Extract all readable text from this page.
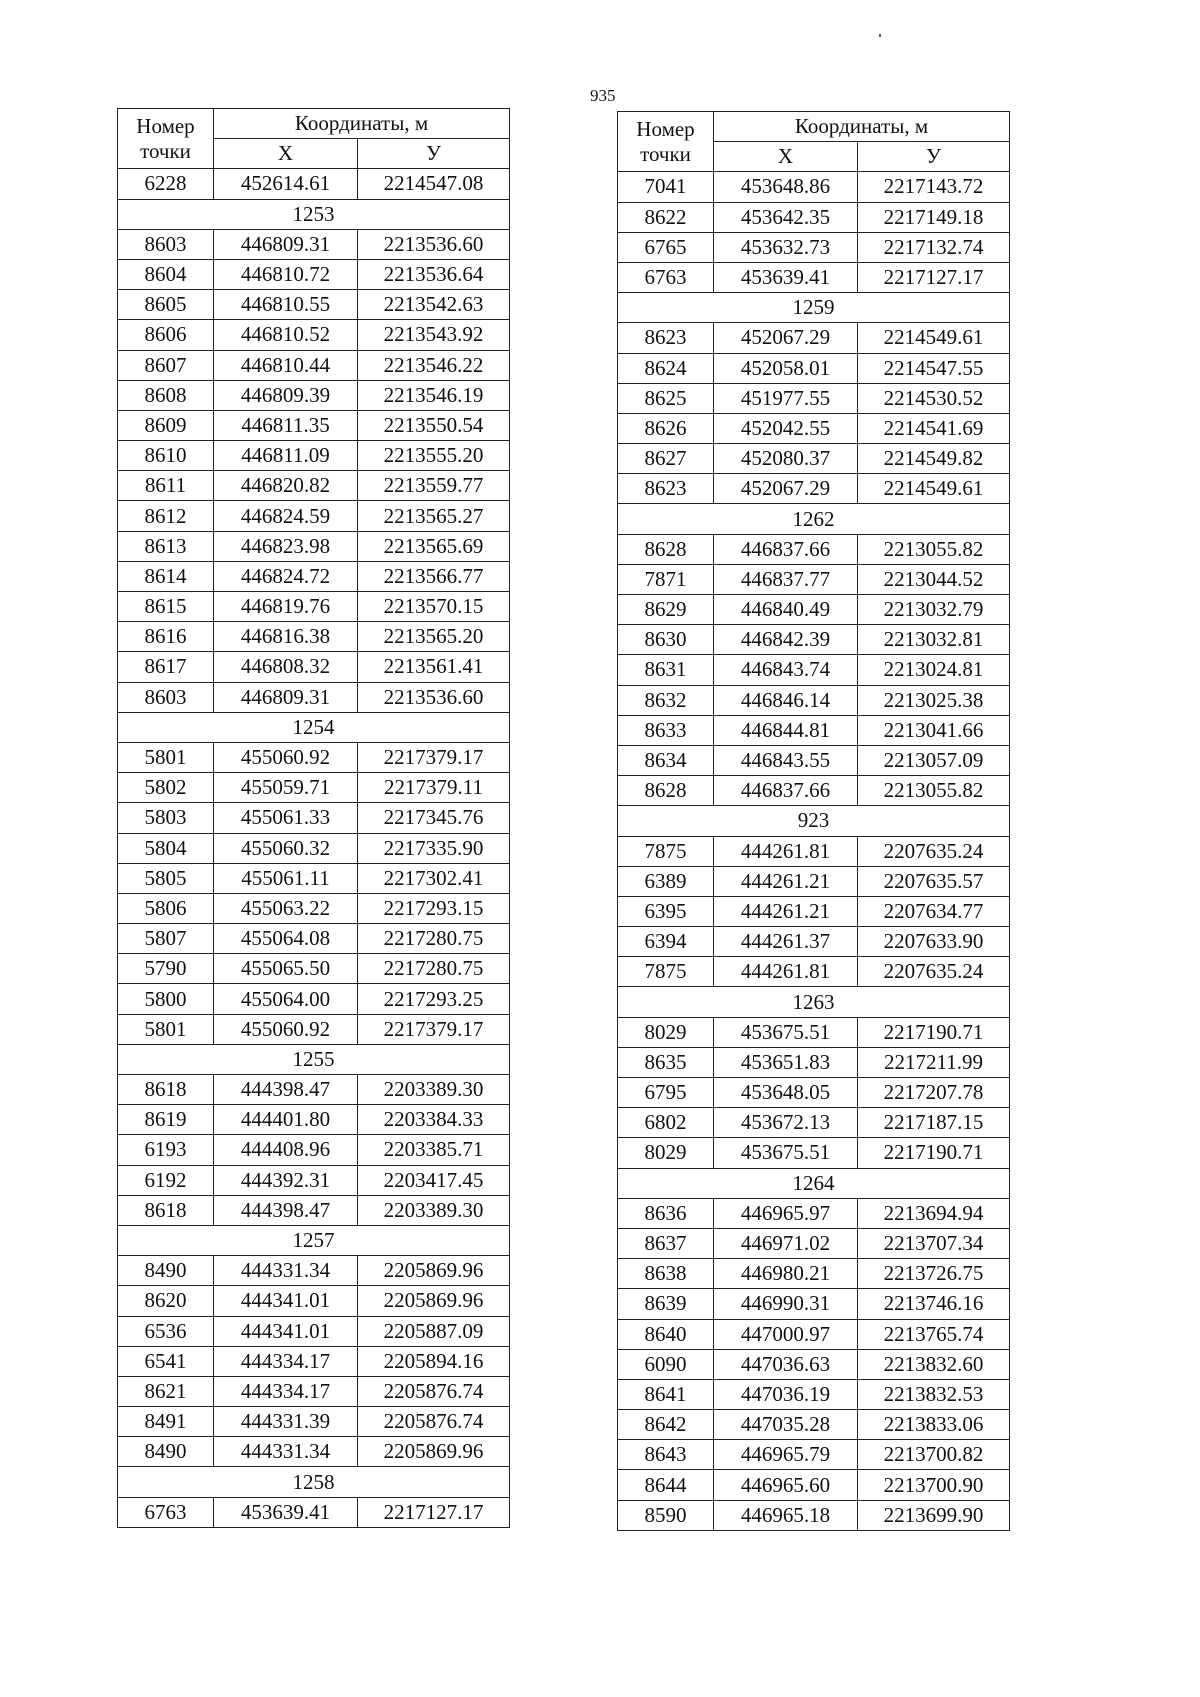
935
Номер точки	Координаты, м	
	Х	У
6228	452614.61	2214547.08
1253		
8603	446809.31	2213536.60
8604	446810.72	2213536.64
8605	446810.55	2213542.63
8606	446810.52	2213543.92
8607	446810.44	2213546.22
8608	446809.39	2213546.19
8609	446811.35	2213550.54
8610	446811.09	2213555.20
8611	446820.82	2213559.77
8612	446824.59	2213565.27
8613	446823.98	2213565.69
8614	446824.72	2213566.77
8615	446819.76	2213570.15
8616	446816.38	2213565.20
8617	446808.32	2213561.41
8603	446809.31	2213536.60
1254		
5801	455060.92	2217379.17
5802	455059.71	2217379.11
5803	455061.33	2217345.76
5804	455060.32	2217335.90
5805	455061.11	2217302.41
5806	455063.22	2217293.15
5807	455064.08	2217280.75
5790	455065.50	2217280.75
5800	455064.00	2217293.25
5801	455060.92	2217379.17
1255		
8618	444398.47	2203389.30
8619	444401.80	2203384.33
6193	444408.96	2203385.71
6192	444392.31	2203417.45
8618	444398.47	2203389.30
1257		
8490	444331.34	2205869.96
8620	444341.01	2205869.96
6536	444341.01	2205887.09
6541	444334.17	2205894.16
8621	444334.17	2205876.74
8491	444331.39	2205876.74
8490	444331.34	2205869.96
1258		
6763	453639.41	2217127.17
Номер точки	Координаты, м	
	Х	У
7041	453648.86	2217143.72
8622	453642.35	2217149.18
6765	453632.73	2217132.74
6763	453639.41	2217127.17
1259		
8623	452067.29	2214549.61
8624	452058.01	2214547.55
8625	451977.55	2214530.52
8626	452042.55	2214541.69
8627	452080.37	2214549.82
8623	452067.29	2214549.61
1262		
8628	446837.66	2213055.82
7871	446837.77	2213044.52
8629	446840.49	2213032.79
8630	446842.39	2213032.81
8631	446843.74	2213024.81
8632	446846.14	2213025.38
8633	446844.81	2213041.66
8634	446843.55	2213057.09
8628	446837.66	2213055.82
923		
7875	444261.81	2207635.24
6389	444261.21	2207635.57
6395	444261.21	2207634.77
6394	444261.37	2207633.90
7875	444261.81	2207635.24
1263		
8029	453675.51	2217190.71
8635	453651.83	2217211.99
6795	453648.05	2217207.78
6802	453672.13	2217187.15
8029	453675.51	2217190.71
1264		
8636	446965.97	2213694.94
8637	446971.02	2213707.34
8638	446980.21	2213726.75
8639	446990.31	2213746.16
8640	447000.97	2213765.74
6090	447036.63	2213832.60
8641	447036.19	2213832.53
8642	447035.28	2213833.06
8643	446965.79	2213700.82
8644	446965.60	2213700.90
8590	446965.18	2213699.90
